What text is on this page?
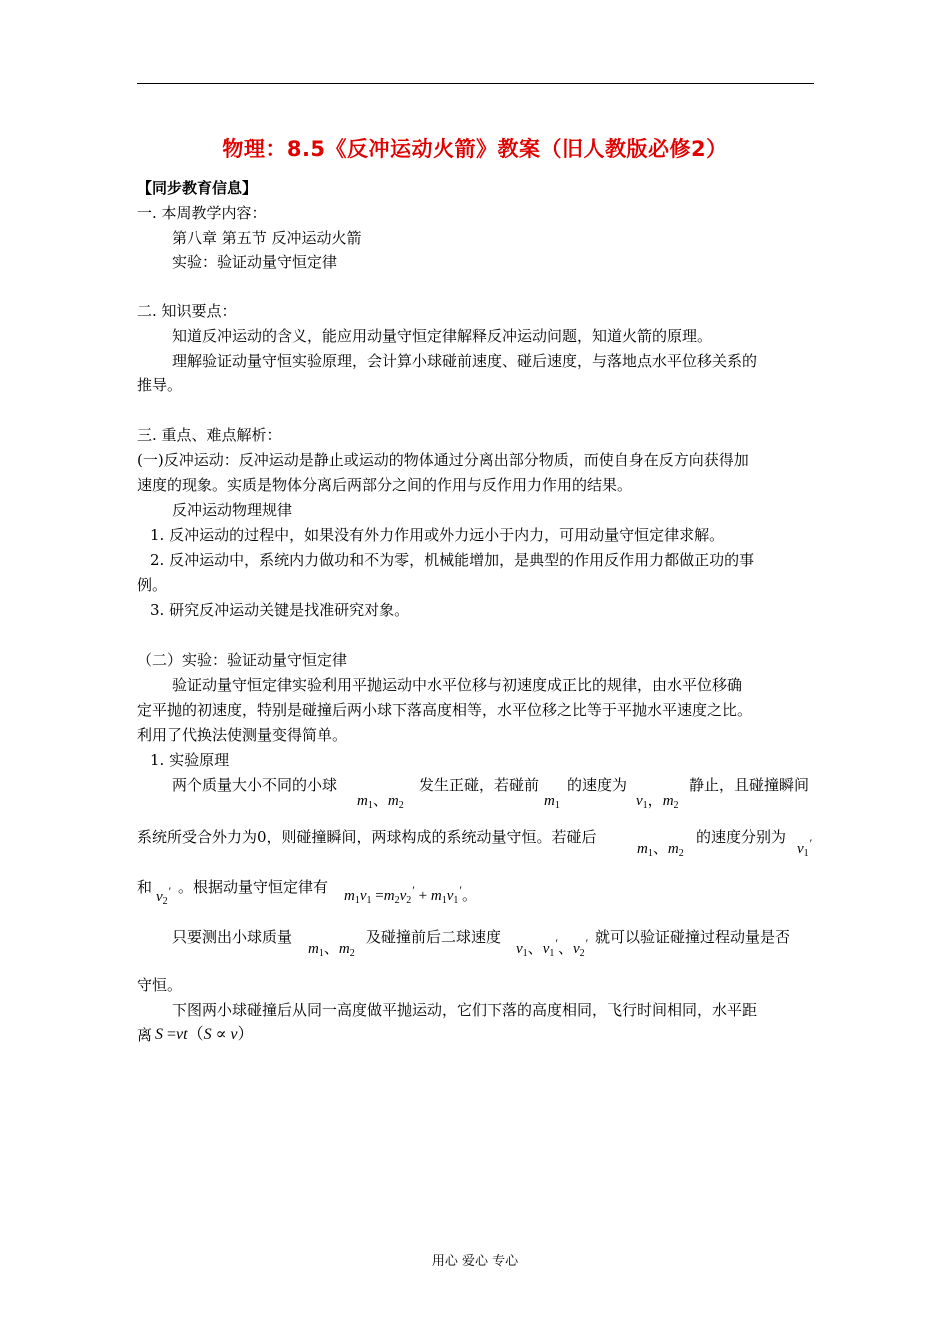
物理：8.5《反冲运动火箭》教案（旧人教版必修2）
【同步教育信息】
一. 本周教学内容：
第八章 第五节 反冲运动火箭
实验：验证动量守恒定律
二. 知识要点：
知道反冲运动的含义，能应用动量守恒定律解释反冲运动问题，知道火箭的原理。
理解验证动量守恒实验原理，会计算小球碰前速度、碰后速度，与落地点水平位移关系的
推导。
三. 重点、难点解析：
(一)反冲运动：反冲运动是静止或运动的物体通过分离出部分物质，而使自身在反方向获得加
速度的现象。实质是物体分离后两部分之间的作用与反作用力作用的结果。
反冲运动物理规律
1. 反冲运动的过程中，如果没有外力作用或外力远小于内力，可用动量守恒定律求解。
2. 反冲运动中，系统内力做功和不为零，机械能增加，是典型的作用反作用力都做正功的事
例。
3. 研究反冲运动关键是找准研究对象。
（二）实验：验证动量守恒定律
验证动量守恒定律实验利用平抛运动中水平位移与初速度成正比的规律，由水平位移确
定平抛的初速度，特别是碰撞后两小球下落高度相等，水平位移之比等于平抛水平速度之比。
利用了代换法使测量变得简单。
1. 实验原理
两个质量大小不同的小球
$m_1$、$m_2$
发生正碰，若碰前
$m_1$
的速度为
$v_1$，$m_2$
静止，且碰撞瞬间
系统所受合外力为0，则碰撞瞬间，两球构成的系统动量守恒。若碰后
$m_1$、$m_2$
的速度分别为
$v_1'$
和
$v_2'$ 。根据动量守恒定律有 $m_1v_1 =m_2v_2' + m_1v_1'$。
只要测出小球质量
$m_1$、$m_2$
及碰撞前后二球速度
$v_1$、$v_1'$、$v_2'$ 就可以验证碰撞过程动量是否
守恒。
下图两小球碰撞后从同一高度做平抛运动，它们下落的高度相同，飞行时间相同，水平距
离 S =vt（S ∝ v）
用心 爱心 专心
